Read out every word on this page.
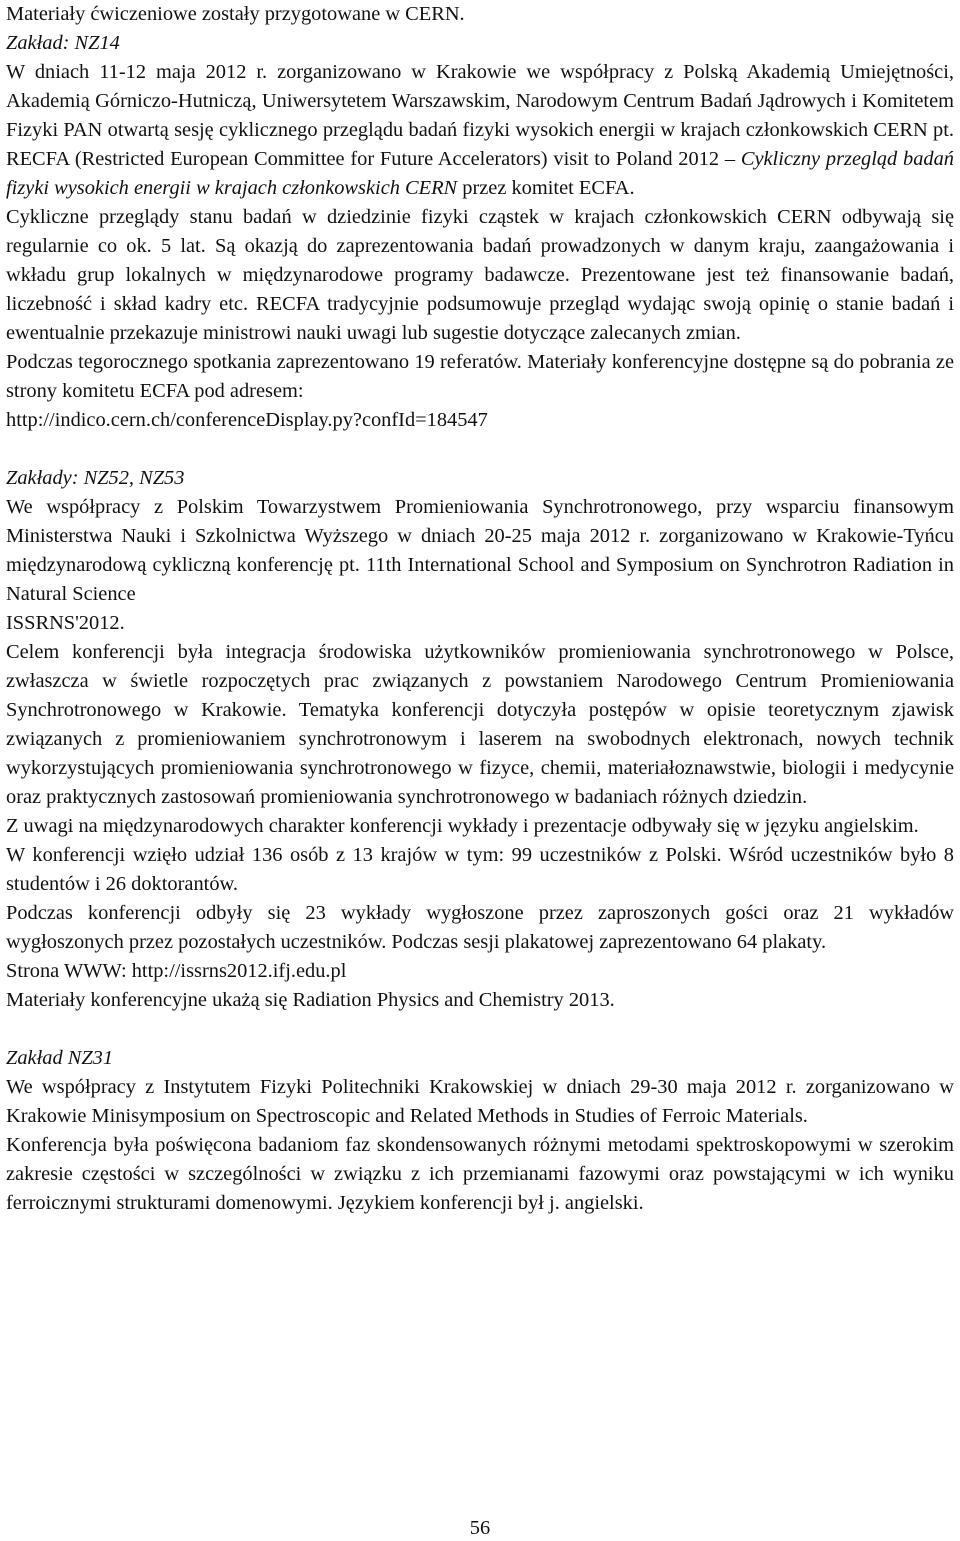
Materiały ćwiczeniowe zostały przygotowane w CERN.

Zakład: NZ14

W dniach 11-12 maja 2012 r. zorganizowano w Krakowie we współpracy z Polską Akademią Umiejętności, Akademią Górniczo-Hutniczą, Uniwersytetem Warszawskim, Narodowym Centrum Badań Jądrowych i Komitetem Fizyki PAN otwartą sesję cyklicznego przeglądu badań fizyki wysokich energii w krajach członkowskich CERN pt. RECFA (Restricted European Committee for Future Accelerators) visit to Poland 2012 – Cykliczny przegląd badań fizyki wysokich energii w krajach członkowskich CERN przez komitet ECFA.

Cykliczne przeglądy stanu badań w dziedzinie fizyki cząstek w krajach członkowskich CERN odbywają się regularnie co ok. 5 lat. Są okazją do zaprezentowania badań prowadzonych w danym kraju, zaangażowania i wkładu grup lokalnych w międzynarodowe programy badawcze. Prezentowane jest też finansowanie badań, liczebność i skład kadry etc. RECFA tradycyjnie podsumowuje przegląd wydając swoją opinię o stanie badań i ewentualnie przekazuje ministrowi nauki uwagi lub sugestie dotyczące zalecanych zmian.

Podczas tegorocznego spotkania zaprezentowano 19 referatów. Materiały konferencyjne dostępne są do pobrania ze strony komitetu ECFA pod adresem:

http://indico.cern.ch/conferenceDisplay.py?confId=184547

Zakłady: NZ52, NZ53

We współpracy z Polskim Towarzystwem Promieniowania Synchrotronowego, przy wsparciu finansowym Ministerstwa Nauki i Szkolnictwa Wyższego w dniach 20-25 maja 2012 r. zorganizowano w Krakowie-Tyńcu międzynarodową cykliczną konferencję pt. 11th International School and Symposium on Synchrotron Radiation in Natural Science

ISSRNS'2012.

Celem konferencji była integracja środowiska użytkowników promieniowania synchrotronowego w Polsce, zwłaszcza w świetle rozpoczętych prac związanych z powstaniem Narodowego Centrum Promieniowania Synchrotronowego w Krakowie. Tematyka konferencji dotyczyła postępów w opisie teoretycznym zjawisk związanych z promieniowaniem synchrotronowym i laserem na swobodnych elektronach, nowych technik wykorzystujących promieniowania synchrotronowego w fizyce, chemii, materiałoznawstwie, biologii i medycynie oraz praktycznych zastosowań promieniowania synchrotronowego w badaniach różnych dziedzin.

Z uwagi na międzynarodowych charakter konferencji wykłady i prezentacje odbywały się w języku angielskim.

W konferencji wzięło udział 136 osób z 13 krajów w tym: 99 uczestników z Polski. Wśród uczestników było 8 studentów i 26 doktorantów.

Podczas konferencji odbyły się 23 wykłady wygłoszone przez zaproszonych gości oraz 21 wykładów wygłoszonych przez pozostałych uczestników. Podczas sesji plakatowej zaprezentowano 64 plakaty.

Strona WWW: http://issrns2012.ifj.edu.pl

Materiały konferencyjne ukażą się Radiation Physics and Chemistry 2013.

Zakład NZ31

We współpracy z Instytutem Fizyki Politechniki Krakowskiej w dniach 29-30 maja 2012 r. zorganizowano w Krakowie Minisymposium on Spectroscopic and Related Methods in Studies of Ferroic Materials.

Konferencja była poświęcona badaniom faz skondensowanych różnymi metodami spektroskopowymi w szerokim zakresie częstości w szczególności w związku z ich przemianami fazowymi oraz powstającymi w ich wyniku ferroicznymi strukturami domenowymi. Językiem konferencji był j. angielski.

56
